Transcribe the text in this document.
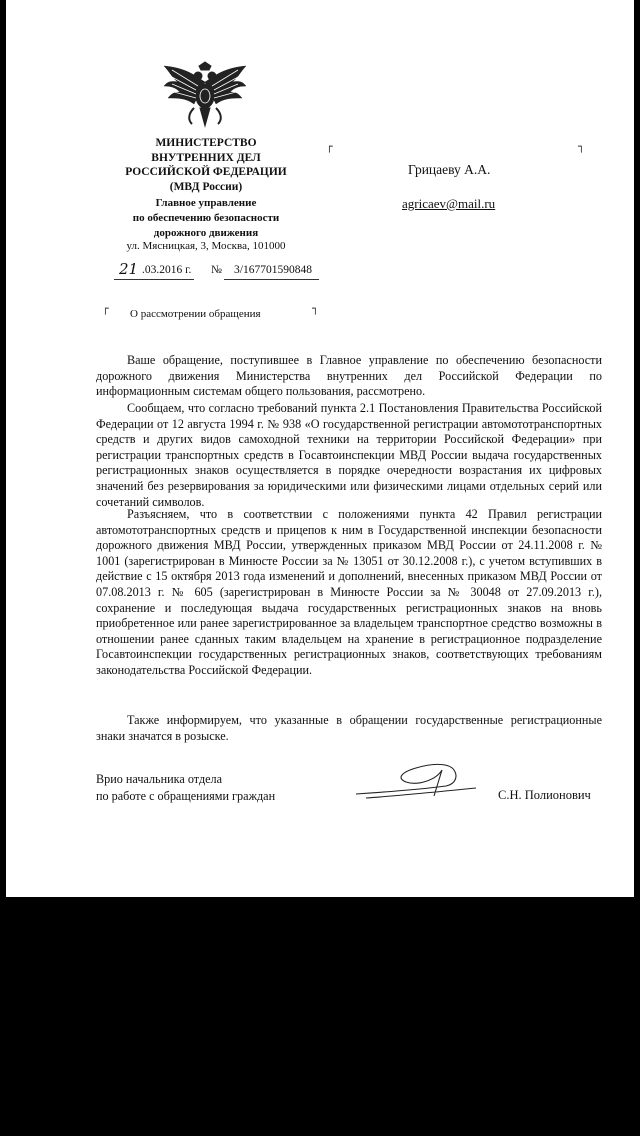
МИНИСТЕРСТВО
ВНУТРЕННИХ ДЕЛ
РОССИЙСКОЙ ФЕДЕРАЦИИ
(МВД России)
Главное управление
по обеспечению безопасности
дорожного движения
ул. Мясницкая, 3, Москва, 101000
21 .03.2016 г. № 3/167701590848
┌	┐
┌	┐
Грицаеву А.А.
agricaev@mail.ru
О рассмотрении обращения
Ваше обращение, поступившее в Главное управление по обеспечению безопасности дорожного движения Министерства внутренних дел Российской Федерации по информационным системам общего пользования, рассмотрено.
Сообщаем, что согласно требований пункта 2.1 Постановления Правительства Российской Федерации от 12 августа 1994 г. № 938 «О государственной регистрации автомототранспортных средств и других видов самоходной техники на территории Российской Федерации» при регистрации транспортных средств в Госавтоинспекции МВД России выдача государственных регистрационных знаков осуществляется в порядке очередности возрастания их цифровых значений без резервирования за юридическими или физическими лицами отдельных серий или сочетаний символов.
Разъясняем, что в соответствии с положениями пункта 42 Правил регистрации автомототранспортных средств и прицепов к ним в Государственной инспекции безопасности дорожного движения МВД России, утвержденных приказом МВД России от 24.11.2008 г. № 1001 (зарегистрирован в Минюсте России за № 13051 от 30.12.2008 г.), с учетом вступивших в действие с 15 октября 2013 года изменений и дополнений, внесенных приказом МВД России от 07.08.2013 г. № 605 (зарегистрирован в Минюсте России за № 30048 от 27.09.2013 г.), сохранение и последующая выдача государственных регистрационных знаков на вновь приобретенное или ранее зарегистрированное за владельцем транспортное средство возможны в отношении ранее сданных таким владельцем на хранение в регистрационное подразделение Госавтоинспекции государственных регистрационных знаков, соответствующих требованиям законодательства Российской Федерации.
Также информируем, что указанные в обращении государственные регистрационные знаки значатся в розыске.
Врио начальника отдела
по работе с обращениями граждан	С.Н. Полионович
